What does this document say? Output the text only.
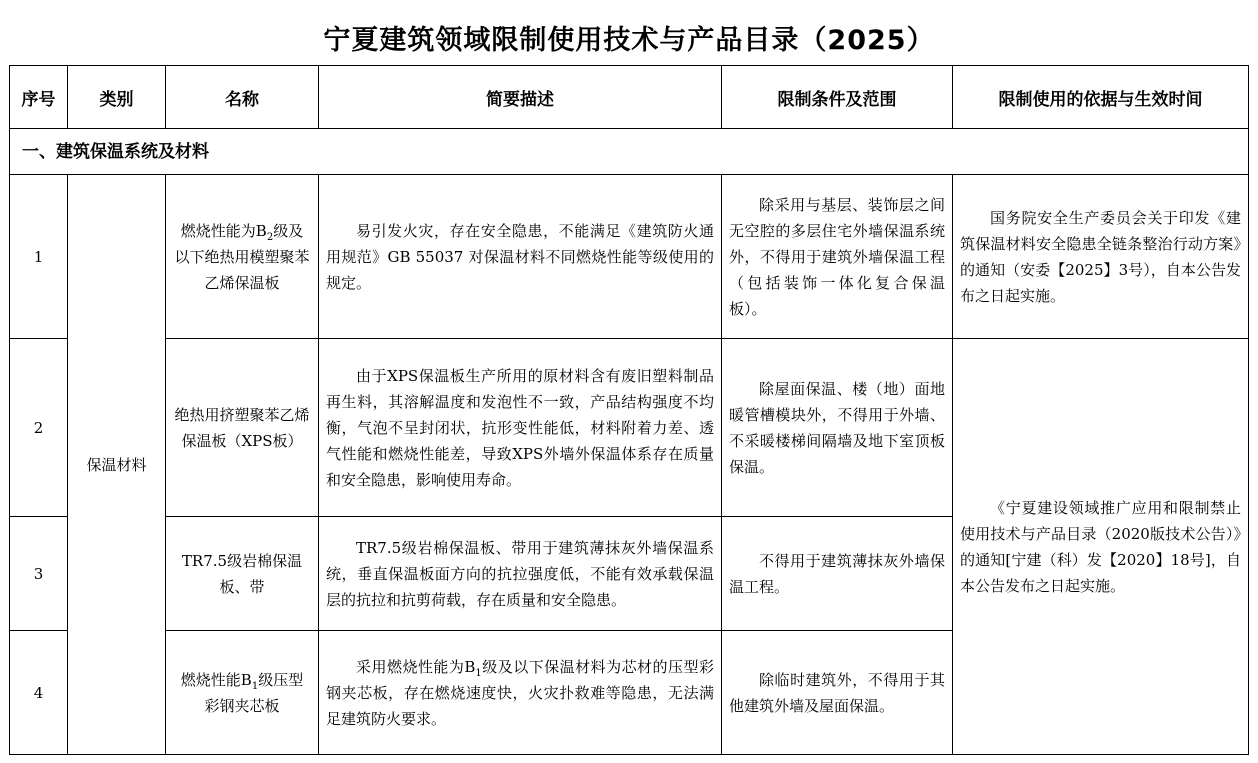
宁夏建筑领域限制使用技术与产品目录（2025）
序号	类别	名称	简要描述	限制条件及范围	限制使用的依据与生效时间
一、建筑保温系统及材料					
1	保温材料	燃烧性能为$B_2$级及以下绝热用模塑聚苯乙烯保温板	易引发火灾，存在安全隐患，不能满足《建筑防火通用规范》GB 55037 对保温材料不同燃烧性能等级使用的规定。	除采用与基层、装饰层之间无空腔的多层住宅外墙保温系统外，不得用于建筑外墙保温工程（包括装饰一体化复合保温板）。	国务院安全生产委员会关于印发《建筑保温材料安全隐患全链条整治行动方案》的通知（安委【2025】3号），自本公告发布之日起实施。
2		绝热用挤塑聚苯乙烯保温板（XPS板）	由于XPS保温板生产所用的原材料含有废旧塑料制品再生料，其溶解温度和发泡性不一致，产品结构强度不均衡，气泡不呈封闭状，抗形变性能低，材料附着力差、透气性能和燃烧性能差，导致XPS外墙外保温体系存在质量和安全隐患，影响使用寿命。	除屋面保温、楼（地）面地暖管槽模块外，不得用于外墙、不采暖楼梯间隔墙及地下室顶板保温。	《宁夏建设领域推广应用和限制禁止使用技术与产品目录（2020版技术公告）》的通知[宁建（科）发【2020】18号]，自本公告发布之日起实施。
3		TR7.5级岩棉保温板、带	TR7.5级岩棉保温板、带用于建筑薄抹灰外墙保温系统，垂直保温板面方向的抗拉强度低，不能有效承载保温层的抗拉和抗剪荷载，存在质量和安全隐患。	不得用于建筑薄抹灰外墙保温工程。	
4		燃烧性能$B_1$级压型彩钢夹芯板	采用燃烧性能为$B_1$级及以下保温材料为芯材的压型彩钢夹芯板，存在燃烧速度快，火灾扑救难等隐患，无法满足建筑防火要求。	除临时建筑外，不得用于其他建筑外墙及屋面保温。	
